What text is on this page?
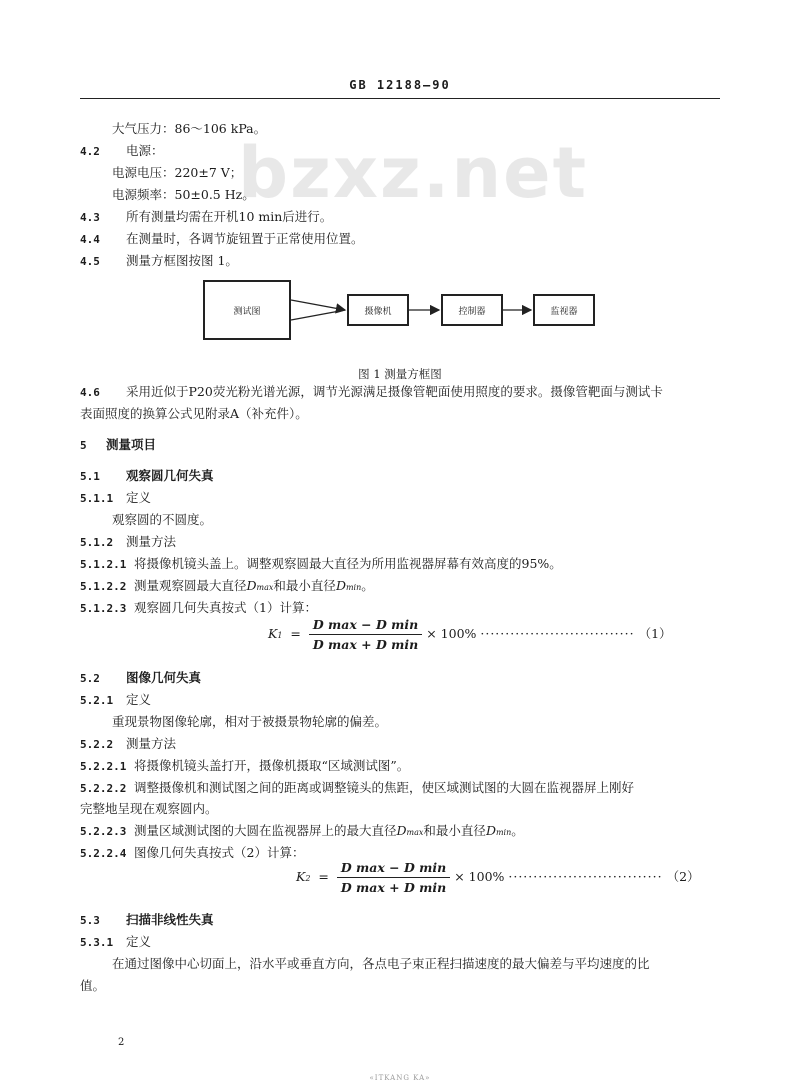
GB 12188—90
bzxz.net
大气压力：86～106 kPa。
4.2 电源：
电源电压：220±7 V；
电源频率：50±0.5 Hz。
4.3 所有测量均需在开机10 min后进行。
4.4 在测量时，各调节旋钮置于正常使用位置。
4.5 测量方框图按图 1。
测试图	摄像机	控制器	监视器
图 1 测量方框图
4.6 采用近似于P20荧光粉光谱光源，调节光源满足摄像管靶面使用照度的要求。摄像管靶面与测试卡
表面照度的换算公式见附录A（补充件）。
5 测量项目
5.1 观察圆几何失真
5.1.1 定义
观察圆的不圆度。
5.1.2 测量方法
5.1.2.1 将摄像机镜头盖上。调整观察圆最大直径为所用监视器屏幕有效高度的95%。
5.1.2.2 测量观察圆最大直径Dmax和最小直径Dmin。
5.1.2.3 观察圆几何失真按式（1）计算：
$K1 = \frac{\text{D max − D min}}{\text{D max + D min}} \times 100\%$ ······························· （1）
5.2 图像几何失真
5.2.1 定义
重现景物图像轮廓，相对于被摄景物轮廓的偏差。
5.2.2 测量方法
5.2.2.1 将摄像机镜头盖打开，摄像机摄取“区域测试图”。
5.2.2.2 调整摄像机和测试图之间的距离或调整镜头的焦距，使区域测试图的大圆在监视器屏上刚好
完整地呈现在观察圆内。
5.2.2.3 测量区域测试图的大圆在监视器屏上的最大直径Dmax和最小直径Dmin。
5.2.2.4 图像几何失真按式（2）计算：
$K2 = \frac{\text{D max − D min}}{\text{D max + D min}} \times 100\%$ ······························· （2）
5.3 扫描非线性失真
5.3.1 定义
在通过图像中心切面上，沿水平或垂直方向，各点电子束正程扫描速度的最大偏差与平均速度的比
值。
2
«ITKANG KA»
